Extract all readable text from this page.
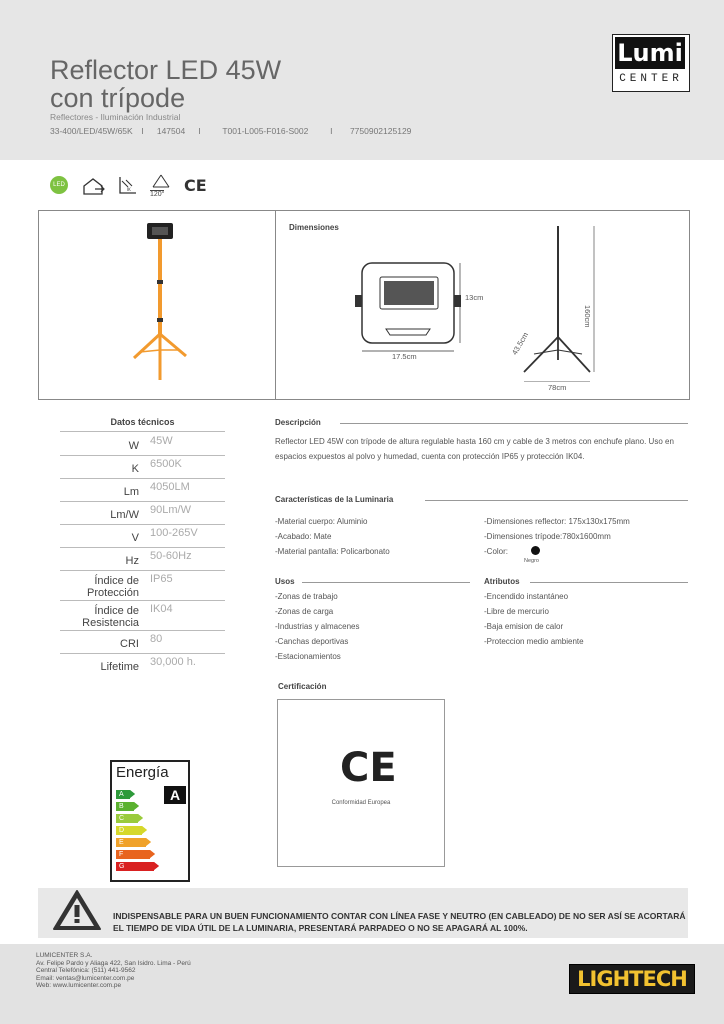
Reflector LED 45W
con trípode
Reflectores - Iluminación Industrial
33-400/LED/45W/65K  I   147504   I     T001-L005-F016-S002     I    7750902125129
Lumi
CENTER
LED
IK
120° CE
Dimensiones
17.5cm
13cm
78cm
160cm
43.5cm
Datos técnicos
W 45W
K 6500K
Lm 4050LM
Lm/W 90Lm/W
V 100-265V
Hz 50-60Hz
Índice de
Protección
IP65
Índice de
Resistencia
IK04
CRI 80
Lifetime 30,000 h.
Descripción
Reflector LED 45W con trípode de altura regulable hasta 160 cm y cable de 3 metros con enchufe plano. Uso en espacios expuestos al polvo y humedad, cuenta con protección IP65 y protección IK04.
Características de la Luminaria
-Material cuerpo: Aluminio
-Acabado: Mate
-Material pantalla: Policarbonato
-Dimensiones reflector: 175x130x175mm
-Dimensiones trípode:780x1600mm
-Color:
Negro
Usos
-Zonas de trabajo
-Zonas de carga
-Industrias y almacenes
-Canchas deportivas
-Estacionamientos
Atributos
-Encendido instantáneo
-Libre de mercurio
-Baja emision de calor
-Proteccion medio ambiente
Certificación
CE
Conformidad Europea
Energía
A
A
B
C
D
E
F
G
INDISPENSABLE PARA UN BUEN FUNCIONAMIENTO CONTAR CON LÍNEA FASE Y NEUTRO (EN CABLEADO) DE NO SER ASÍ SE ACORTARÁ EL TIEMPO DE VIDA ÚTIL DE LA LUMINARIA, PRESENTARÁ PARPADEO O NO SE APAGARÁ AL 100%.
LUMICENTER S.A.
Av. Felipe Pardo y Aliaga 422, San Isidro. Lima - Perú
Central Telefónica: (511) 441-9562
Email: ventas@lumicenter.com.pe
Web: www.lumicenter.com.pe	LIGHTECH
